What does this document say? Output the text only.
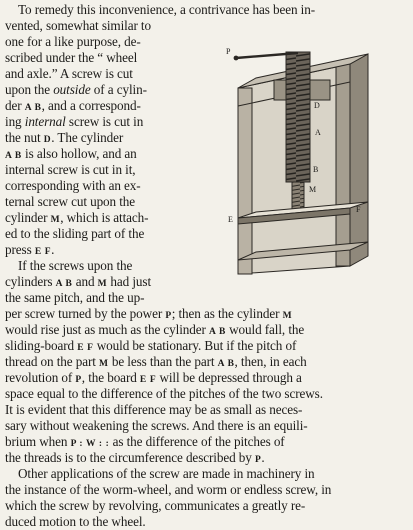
To remedy this inconvenience, a contrivance has been in-
vented, somewhat similar to
one for a like purpose, de-
scribed under the “ wheel
and axle.” A screw is cut
upon the outside of a cylin-
der A B, and a correspond-
ing internal screw is cut in
the nut D. The cylinder
A B is also hollow, and an
internal screw is cut in it,
corresponding with an ex-
ternal screw cut upon the
cylinder M, which is attach-
ed to the sliding part of the
press E F.
If the screws upon the
cylinders A B and M had just
the same pitch, and the up-
per screw turned by the power P; then as the cylinder M
would rise just as much as the cylinder A B would fall, the
sliding-board E F would be stationary. But if the pitch of
thread on the part M be less than the part A B, then, in each
revolution of P, the board E F will be depressed through a
space equal to the difference of the pitches of the two screws.
It is evident that this difference may be as small as neces-
sary without weakening the screws. And there is an equili-
brium when P : W : : as the difference of the pitches of
the threads is to the circumference described by P.
Other applications of the screw are made in machinery in
the instance of the worm-wheel, and worm or endless screw, in
which the screw by revolving, communicates a greatly re-
duced motion to the wheel.
P
D
A
B
M
E
F
